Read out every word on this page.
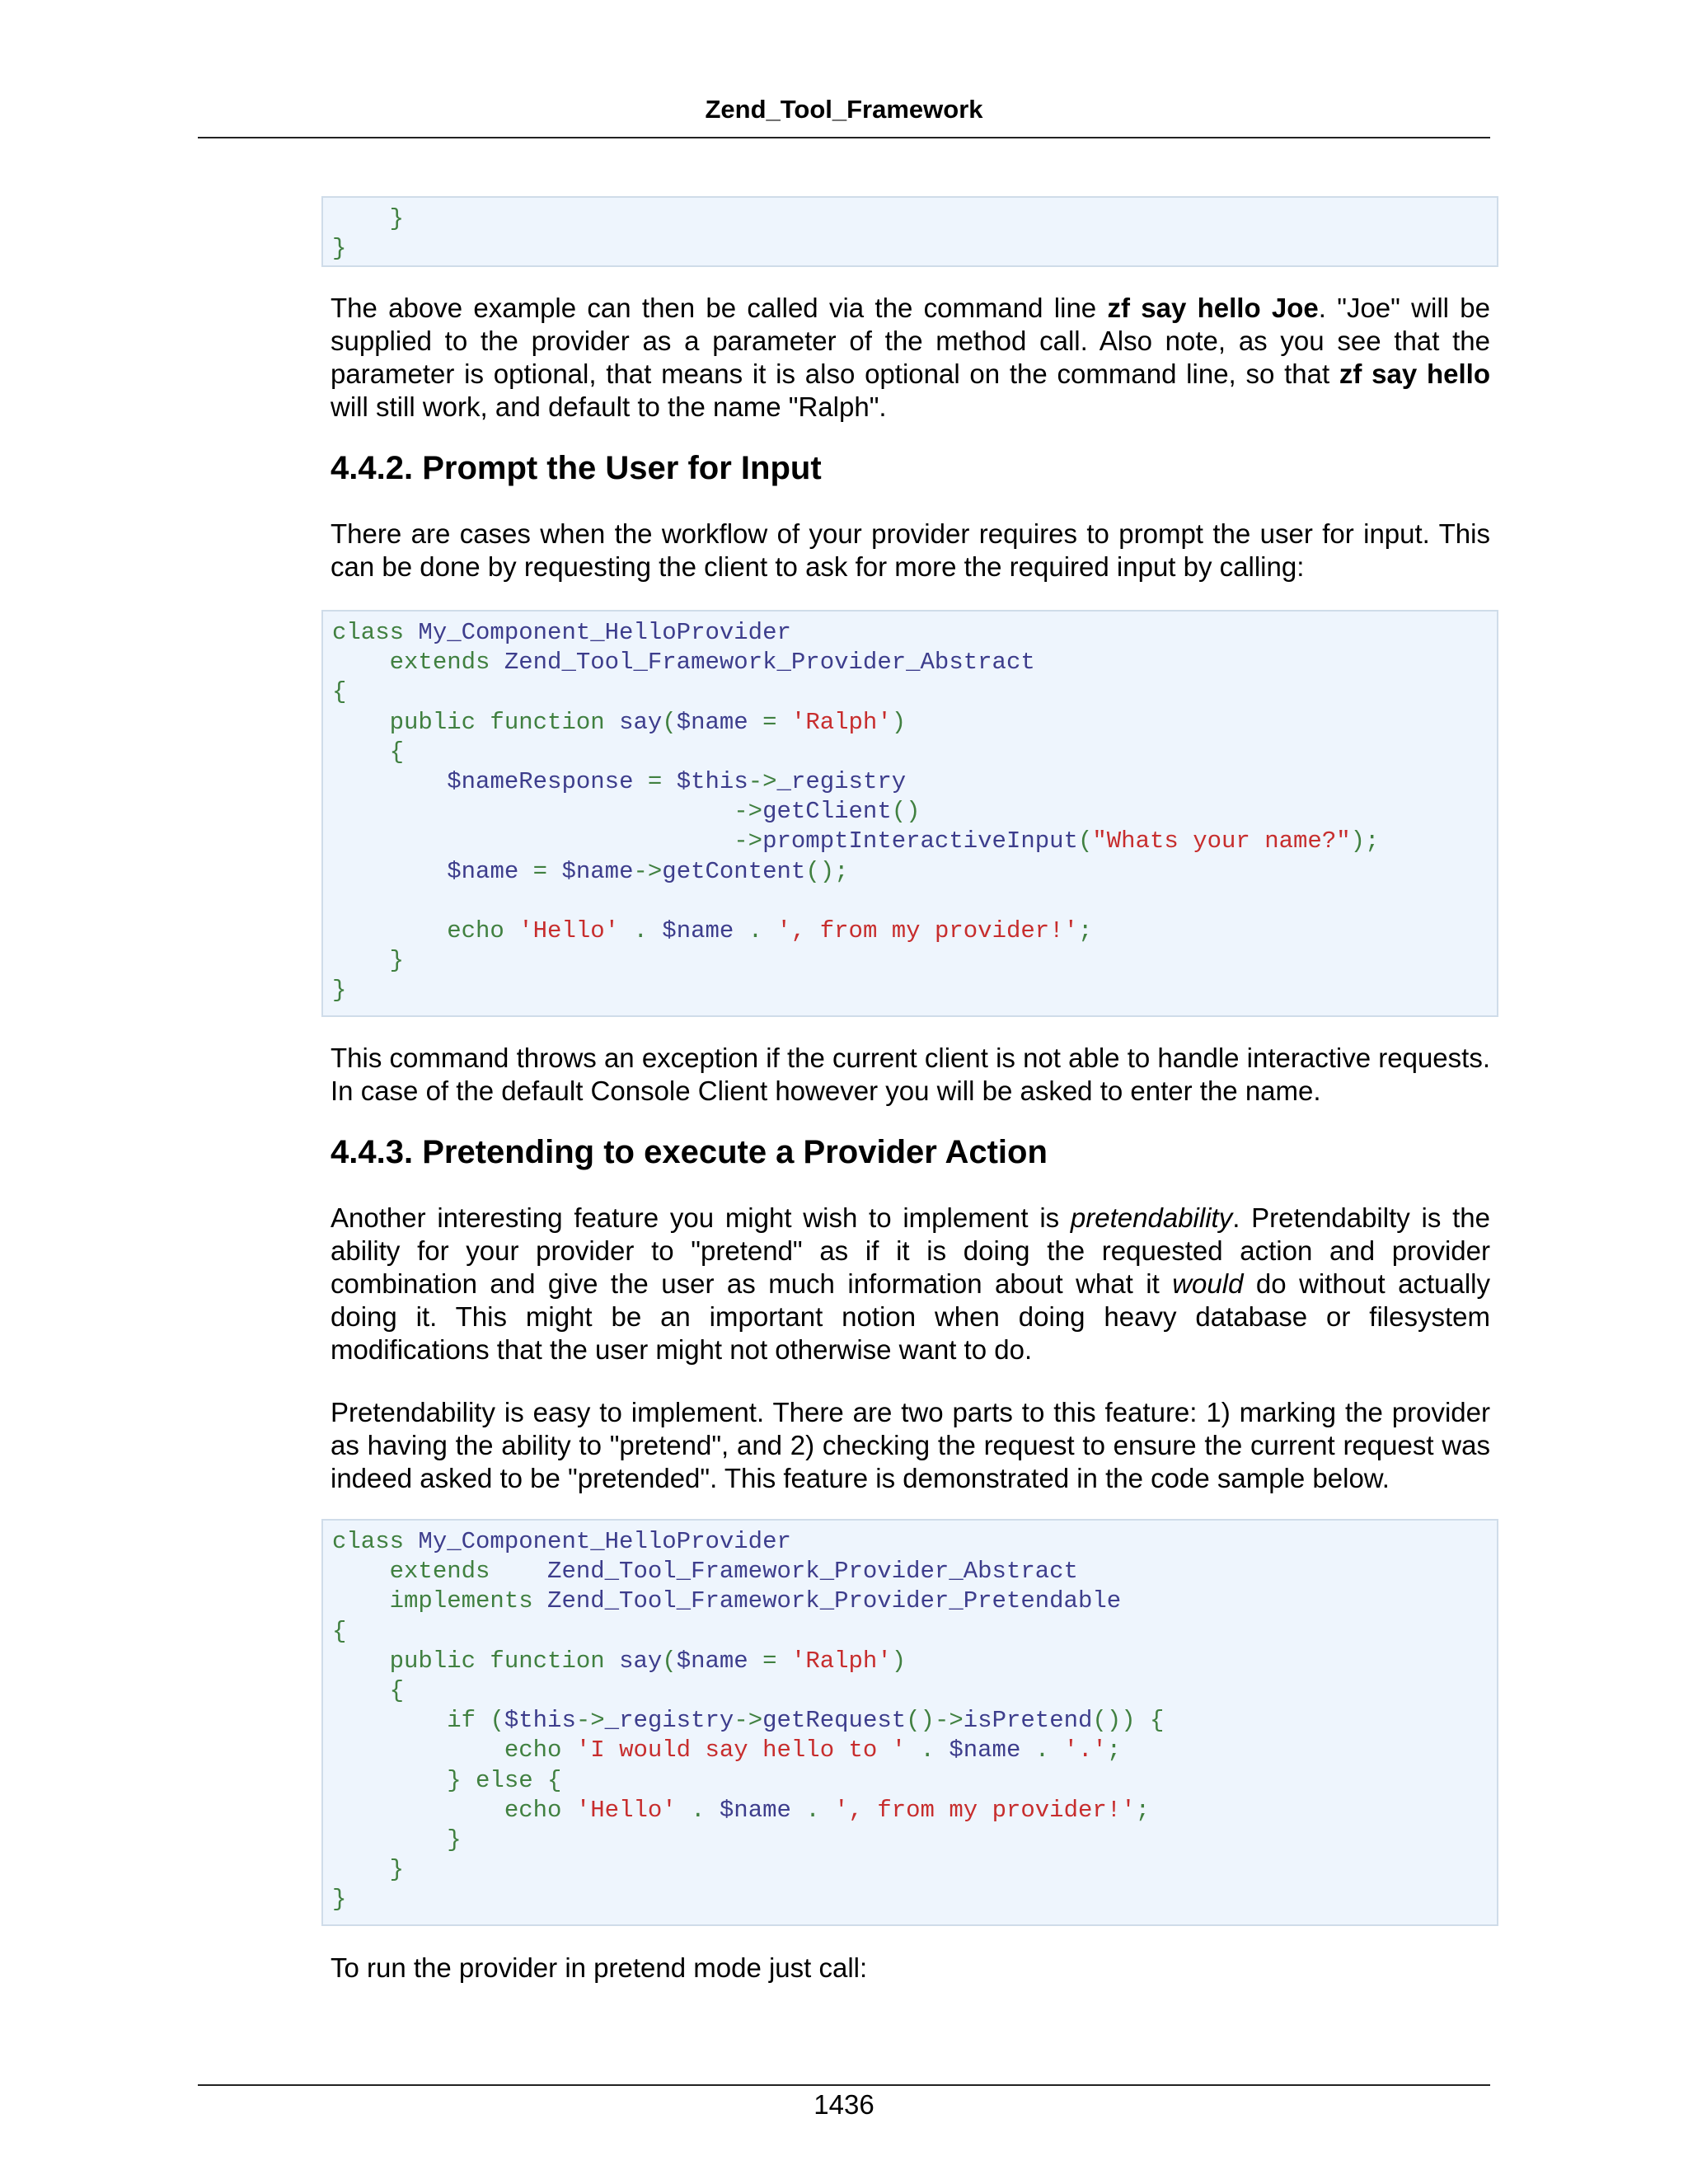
Zend_Tool_Framework
}
}

The above example can then be called via the command line zf say hello Joe. "Joe" will be supplied to the provider as a parameter of the method call. Also note, as you see that the parameter is optional, that means it is also optional on the command line, so that zf say hello will still work, and default to the name "Ralph".

4.4.2. Prompt the User for Input

There are cases when the workflow of your provider requires to prompt the user for input. This can be done by requesting the client to ask for more the required input by calling:

class My_Component_HelloProvider
extends Zend_Tool_Framework_Provider_Abstract
{
public function say($name = 'Ralph')
{
$nameResponse = $this->_registry
->getClient()
->promptInteractiveInput("Whats your name?");
$name = $name->getContent();
echo 'Hello' . $name . ', from my provider!';
}
}

This command throws an exception if the current client is not able to handle interactive requests. In case of the default Console Client however you will be asked to enter the name.

4.4.3. Pretending to execute a Provider Action

Another interesting feature you might wish to implement is pretendability. Pretendabilty is the ability for your provider to "pretend" as if it is doing the requested action and provider combination and give the user as much information about what it would do without actually doing it. This might be an important notion when doing heavy database or filesystem modifications that the user might not otherwise want to do.

Pretendability is easy to implement. There are two parts to this feature: 1) marking the provider as having the ability to "pretend", and 2) checking the request to ensure the current request was indeed asked to be "pretended". This feature is demonstrated in the code sample below.

class My_Component_HelloProvider
extends    Zend_Tool_Framework_Provider_Abstract
implements Zend_Tool_Framework_Provider_Pretendable
{
public function say($name = 'Ralph')
{
if ($this->_registry->getRequest()->isPretend()) {
echo 'I would say hello to ' . $name . '.';
} else {
echo 'Hello' . $name . ', from my provider!';
}
}
}

To run the provider in pretend mode just call:

1436
